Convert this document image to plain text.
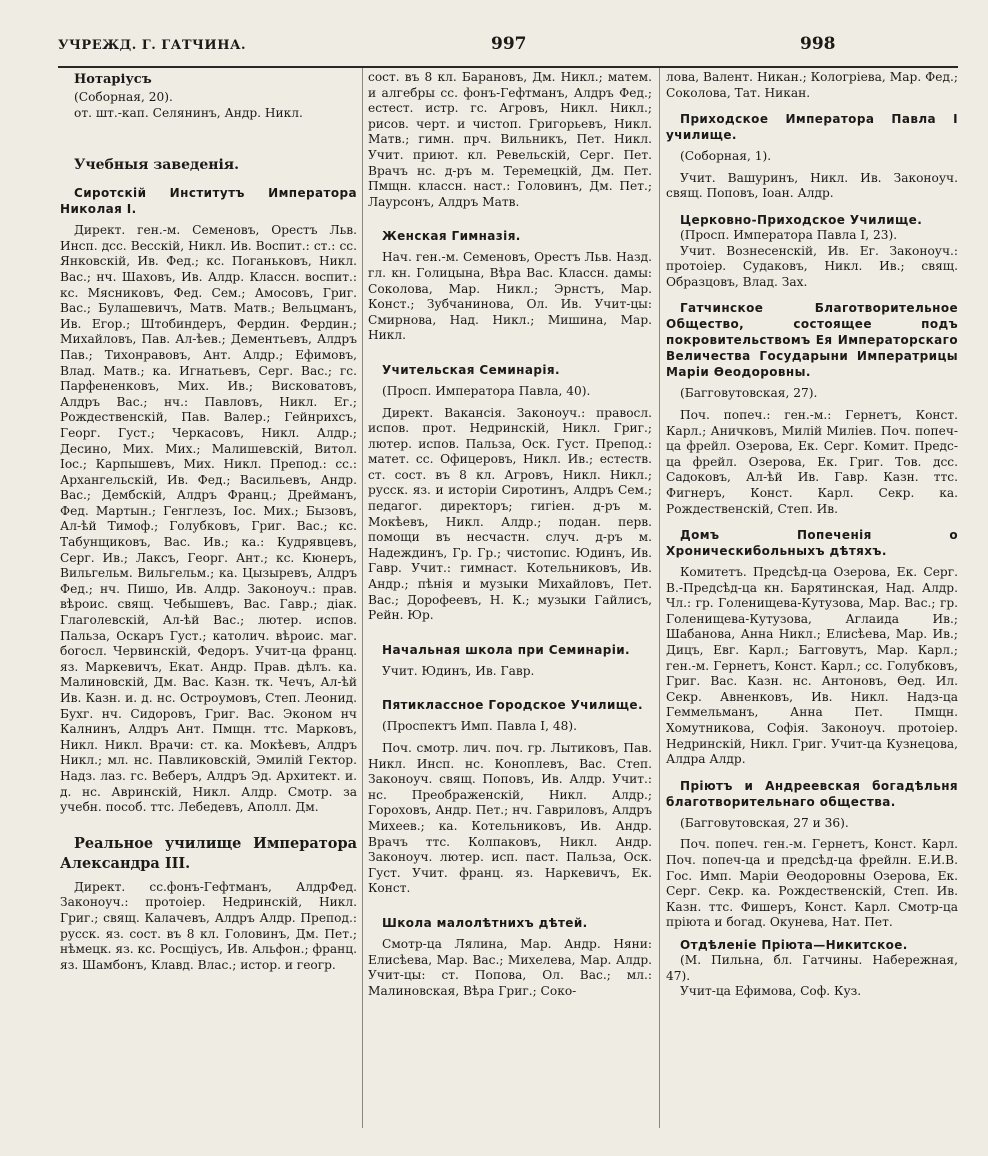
УЧРЕЖД. Г. ГАТЧИНА.	997	998

Нотаріусъ

(Соборная, 20).

от. шт.-кап. Селянинъ, Андр. Никл.

Учебныя заведенія.

Сиротскій Институтъ Императора Николая I.

Директ. ген.-м. Семеновъ, Орестъ Льв. Инсп. дсс. Весскій, Никл. Ив. Воспит.: ст.: сс. Янковскій, Ив. Фед.; кс. Поганьковъ, Никл. Вас.; нч. Шаховъ, Ив. Алдр. Классн. воспит.: кс. Мясниковъ, Фед. Сем.; Амосовъ, Григ. Вас.; Булашевичъ, Матв. Матв.; Вельцманъ, Ив. Егор.; Штобиндеръ, Фердин. Фердин.; Михайловъ, Пав. Ал-ѣев.; Дементьевъ, Алдръ Пав.; Тихонравовъ, Ант. Алдр.; Ефимовъ, Влад. Матв.; ка. Игнатьевъ, Серг. Вас.; гс. Парфененковъ, Мих. Ив.; Висковатовъ, Алдръ Вас.; нч.: Павловъ, Никл. Ег.; Рождественскій, Пав. Валер.; Гейнрихсъ, Георг. Густ.; Черкасовъ, Никл. Алдр.; Десино, Мих. Мих.; Малишевскій, Витол. Іос.; Карпышевъ, Мих. Никл. Препод.: сс.: Архангельскій, Ив. Фед.; Васильевъ, Андр. Вас.; Дембскій, Алдръ Франц.; Дрейманъ, Фед. Мартын.; Генглезъ, Іос. Мих.; Бызовъ, Ал-ѣй Тимоф.; Голубковъ, Григ. Вас.; кс. Табунщиковъ, Вас. Ив.; ка.: Кудрявцевъ, Серг. Ив.; Лаксъ, Георг. Ант.; кс. Кюнеръ, Вильгельм. Вильгельм.; ка. Цызыревъ, Алдръ Фед.; нч. Пишо, Ив. Алдр. Законоуч.: прав. вѣроис. свящ. Чебышевъ, Вас. Гавр.; діак. Глаголевскій, Ал-ѣй Вас.; лютер. испов. Пальза, Оскаръ Густ.; католич. вѣроис. маг. богосл. Червинскій, Федоръ. Учит-ца франц. яз. Маркевичъ, Екат. Андр. Прав. дѣлъ. ка. Малиновскій, Дм. Вас. Казн. тк. Чечъ, Ал-ѣй Ив. Казн. и. д. нс. Остроумовъ, Степ. Леонид. Бухг. нч. Сидоровъ, Григ. Вас. Эконом нч Калнинъ, Алдръ Ант. Пмщн. ттс. Марковъ, Никл. Никл. Врачи: ст. ка. Мокѣевъ, Алдръ Никл.; мл. нс. Павликовскій, Эмилій Гектор. Надз. лаз. гс. Веберъ, Алдръ Эд. Архитект. и. д. нс. Авринскій, Никл. Алдр. Смотр. за учебн. пособ. ттс. Лебедевъ, Аполл. Дм.

Реальное училище Императора Александра III.

Директ. сс.фонъ-Гефтманъ, АлдрФед. Законоуч.: протоіер. Недринскій, Никл. Григ.; свящ. Калачевъ, Алдръ Алдр. Препод.: русск. яз. сост. въ 8 кл. Головинъ, Дм. Пет.; нѣмецк. яз. кс. Росщіусъ, Ив. Альфон.; франц. яз. Шамбонъ, Клавд. Влас.; истор. и геогр.

сост. въ 8 кл. Барановъ, Дм. Никл.; матем. и алгебры сс. фонъ-Гефтманъ, Алдръ Фед.; естест. истр. гс. Агровъ, Никл. Никл.; рисов. черт. и чистоп. Григорьевъ, Никл. Матв.; гимн. прч. Вильникъ, Пет. Никл. Учит. приют. кл. Ревельскій, Серг. Пет. Врачъ нс. д-ръ м. Теремецкій, Дм. Пет. Пмщн. классн. наст.: Головинъ, Дм. Пет.; Лаурсонъ, Алдръ Матв.

Женская Гимназія.

Нач. ген.-м. Семеновъ, Орестъ Льв. Назд. гл. кн. Голицына, Вѣра Вас. Классн. дамы: Соколова, Мар. Никл.; Эрнстъ, Мар. Конст.; Зубчанинова, Ол. Ив. Учит-цы: Смирнова, Над. Никл.; Мишина, Мар. Никл.

Учительская Семинарія.

(Просп. Императора Павла, 40).

Директ. Вакансія. Законоуч.: правосл. испов. прот. Недринскій, Никл. Григ.; лютер. испов. Пальза, Оск. Густ. Препод.: матет. сс. Офицеровъ, Никл. Ив.; естеств. ст. сост. въ 8 кл. Агровъ, Никл. Никл.; русск. яз. и исторіи Сиротинъ, Алдръ Сем.; педагог. директоръ; гигіен. д-ръ м. Мокѣевъ, Никл. Алдр.; подан. перв. помощи въ несчастн. случ. д-ръ м. Надеждинъ, Гр. Гр.; чистопис. Юдинъ, Ив. Гавр. Учит.: гимнаст. Котельниковъ, Ив. Андр.; пѣнія и музыки Михайловъ, Пет. Вас.; Дорофеевъ, Н. К.; музыки Гайлисъ, Рейн. Юр.

Начальная школа при Семинаріи.

Учит. Юдинъ, Ив. Гавр.

Пятиклассное Городское Училище.

(Проспектъ Имп. Павла I, 48).

Поч. смотр. лич. поч. гр. Лытиковъ, Пав. Никл. Инсп. нс. Коноплевъ, Вас. Степ. Законоуч. свящ. Поповъ, Ив. Алдр. Учит.: нс. Преображенскій, Никл. Алдр.; Гороховъ, Андр. Пет.; нч. Гавриловъ, Алдръ Михеев.; ка. Котельниковъ, Ив. Андр. Врачъ ттс. Колпаковъ, Никл. Андр. Законоуч. лютер. исп. паст. Пальза, Оск. Густ. Учит. франц. яз. Наркевичъ, Ек. Конст.

Школа малолѣтнихъ дѣтей.

Смотр-ца Лялина, Мар. Андр. Няни: Елисѣева, Мар. Вас.; Михелева, Мар. Алдр. Учит-цы: ст. Попова, Ол. Вас.; мл.: Малиновская, Вѣра Григ.; Соко-

лова, Валент. Никан.; Кологріева, Мар. Фед.; Соколова, Тат. Никан.

Приходское Императора Павла I училище.

(Соборная, 1).

Учит. Вашуринъ, Никл. Ив. Законоуч. свящ. Поповъ, Іоан. Алдр.

Церковно-Приходское Училище.

(Просп. Императора Павла I, 23).

Учит. Вознесенскій, Ив. Ег. Законоуч.: протоіер. Судаковъ, Никл. Ив.; свящ. Образцовъ, Влад. Зах.

Гатчинское Благотворительное Общество, состоящее подъ покровительствомъ Ея Императорскаго Величества Государыни Императрицы Маріи Ѳеодоровны.

(Багговутовская, 27).

Поч. попеч.: ген.-м.: Гернетъ, Конст. Карл.; Аничковъ, Милій Миліев. Поч. попеч-ца фрейл. Озерова, Ек. Серг. Комит. Предс-ца фрейл. Озерова, Ек. Григ. Тов. дсс. Садоковъ, Ал-ѣй Ив. Гавр. Казн. ттс. Фигнеръ, Конст. Карл. Секр. ка. Рождественскій, Степ. Ив.

Домъ Попеченія о Хроническибольныхъ дѣтяхъ.

Комитетъ. Предсѣд-ца Озерова, Ек. Серг. В.-Предсѣд-ца кн. Барятинская, Над. Алдр. Чл.: гр. Голенищева-Кутузова, Мар. Вас.; гр. Голенищева-Кутузова, Аглаида Ив.; Шабанова, Анна Никл.; Елисѣева, Мар. Ив.; Дицъ, Евг. Карл.; Багговутъ, Мар. Карл.; ген.-м. Гернетъ, Конст. Карл.; сс. Голубковъ, Григ. Вас. Казн. нс. Антоновъ, Ѳед. Ил. Секр. Авненковъ, Ив. Никл. Надз-ца Геммельманъ, Анна Пет. Пмщн. Хомутникова, Софія. Законоуч. протоіер. Недринскій, Никл. Григ. Учит-ца Кузнецова, Алдра Алдр.

Пріютъ и Андреевская богадѣльня благотворительнаго общества.

(Багговутовская, 27 и 36).

Поч. попеч. ген.-м. Гернетъ, Конст. Карл. Поч. попеч-ца и предсѣд-ца фрейлн. Е.И.В. Гос. Имп. Маріи Ѳеодоровны Озерова, Ек. Серг. Секр. ка. Рождественскій, Степ. Ив. Казн. ттс. Фишеръ, Конст. Карл. Смотр-ца пріюта и богад. Окунева, Нат. Пет.

Отдѣленіе Пріюта—Никитское.

(М. Пильна, бл. Гатчины. Набережная, 47).

Учит-ца Ефимова, Соф. Куз.
